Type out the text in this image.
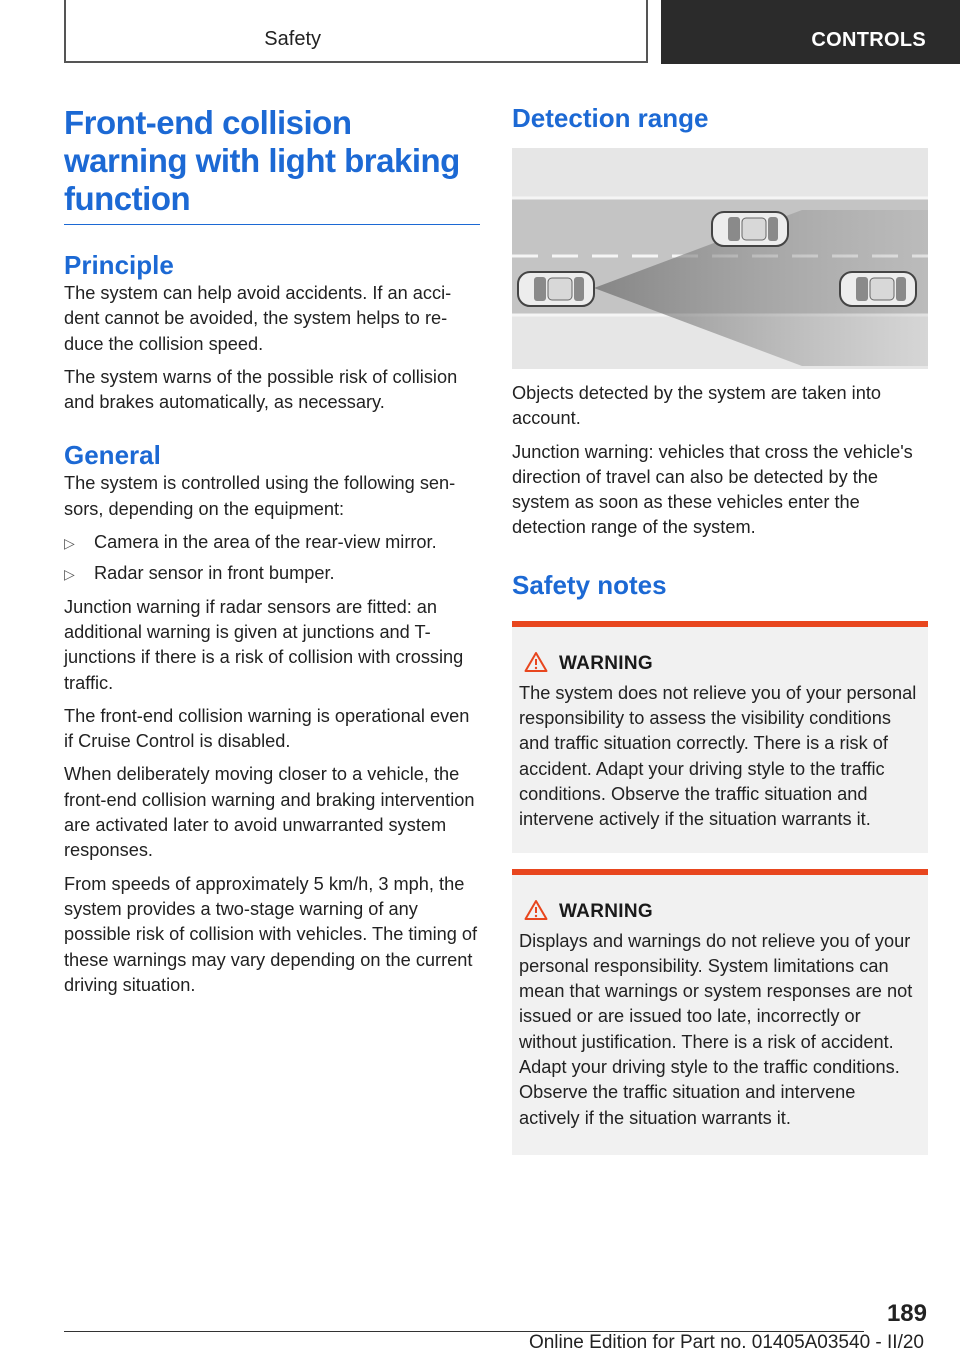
Safety	CONTROLS
Front-end collision warning with light braking function
Principle

The system can help avoid accidents. If an accident cannot be avoided, the system helps to reduce the collision speed.

The system warns of the possible risk of collision and brakes automatically, as necessary.

General

The system is controlled using the following sensors, depending on the equipment:

▷ Camera in the area of the rear-view mirror.
▷ Radar sensor in front bumper.

Junction warning if radar sensors are fitted: an additional warning is given at junctions and T-junctions if there is a risk of collision with crossing traffic.

The front-end collision warning is operational even if Cruise Control is disabled.

When deliberately moving closer to a vehicle, the front-end collision warning and braking intervention are activated later to avoid unwarranted system responses.

From speeds of approximately 5 km/h, 3 mph, the system provides a two-stage warning of any possible risk of collision with vehicles. The timing of these warnings may vary depending on the current driving situation.

Detection range

Objects detected by the system are taken into account.

Junction warning: vehicles that cross the vehicle's direction of travel can also be detected by the system as soon as these vehicles enter the detection range of the system.

Safety notes
WARNING

The system does not relieve you of your personal responsibility to assess the visibility conditions and traffic situation correctly. There is a risk of accident. Adapt your driving style to the traffic conditions. Observe the traffic situation and intervene actively if the situation warrants it.

WARNING

Displays and warnings do not relieve you of your personal responsibility. System limitations can mean that warnings or system responses are not issued or are issued too late, incorrectly or without justification. There is a risk of accident. Adapt your driving style to the traffic conditions. Observe the traffic situation and intervene actively if the situation warrants it.

189
Online Edition for Part no. 01405A03540 - II/20
